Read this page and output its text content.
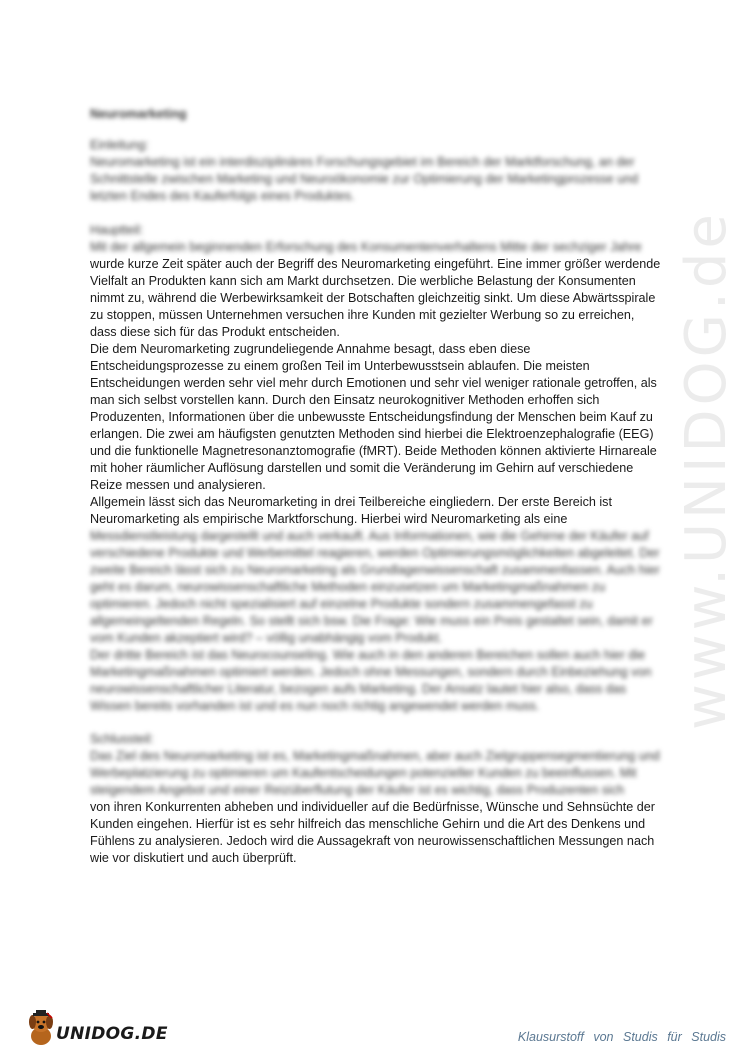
www.UNIDOG.de

Neuromarketing

Einleitung:

Neuromarketing ist ein interdisziplinäres Forschungsgebiet im Bereich der Marktforschung, an der Schnittstelle zwischen Marketing und Neuroökonomie zur Optimierung der Marketingprozesse und letzten Endes des Kauferfolgs eines Produktes.

Hauptteil:

Mit der allgemein beginnenden Erforschung des Konsumentenverhaltens Mitte der sechziger Jahre

wurde kurze Zeit später auch der Begriff des Neuromarketing eingeführt. Eine immer größer werdende Vielfalt an Produkten kann sich am Markt durchsetzen. Die werbliche Belastung der Konsumenten nimmt zu, während die Werbewirksamkeit der Botschaften gleichzeitig sinkt. Um diese Abwärtsspirale zu stoppen, müssen Unternehmen versuchen ihre Kunden mit gezielter Werbung so zu erreichen, dass diese sich für das Produkt entscheiden.

Die dem Neuromarketing zugrundeliegende Annahme besagt, dass eben diese Entscheidungsprozesse zu einem großen Teil im Unterbewusstsein ablaufen. Die meisten Entscheidungen werden sehr viel mehr durch Emotionen und sehr viel weniger rationale getroffen, als man sich selbst vorstellen kann. Durch den Einsatz neurokognitiver Methoden erhoffen sich Produzenten, Informationen über die unbewusste Entscheidungsfindung der Menschen beim Kauf zu erlangen. Die zwei am häufigsten genutzten Methoden sind hierbei die Elektroenzephalografie (EEG) und die funktionelle Magnetresonanztomografie (fMRT). Beide Methoden können aktivierte Hirnareale mit hoher räumlicher Auflösung darstellen und somit die Veränderung im Gehirn auf verschiedene Reize messen und analysieren.

Allgemein lässt sich das Neuromarketing in drei Teilbereiche eingliedern. Der erste Bereich ist Neuromarketing als empirische Marktforschung. Hierbei wird Neuromarketing als eine

Messdienstleistung dargestellt und auch verkauft. Aus Informationen, wie die Gehirne der Käufer auf verschiedene Produkte und Werbemittel reagieren, werden Optimierungsmöglichkeiten abgeleitet. Der zweite Bereich lässt sich zu Neuromarketing als Grundlagenwissenschaft zusammenfassen. Auch hier geht es darum, neurowissenschaftliche Methoden einzusetzen um Marketingmaßnahmen zu optimieren. Jedoch nicht spezialisiert auf einzelne Produkte sondern zusammengefasst zu allgemeingeltenden Regeln. So stellt sich bsw. Die Frage: Wie muss ein Preis gestaltet sein, damit er vom Kunden akzeptiert wird? – völlig unabhängig vom Produkt.

Der dritte Bereich ist das Neurocounseling. Wie auch in den anderen Bereichen sollen auch hier die Marketingmaßnahmen optimiert werden. Jedoch ohne Messungen, sondern durch Einbeziehung von neurowissenschaftlicher Literatur, bezogen aufs Marketing. Der Ansatz lautet hier also, dass das Wissen bereits vorhanden ist und es nun noch richtig angewendet werden muss.

Schlussteil:

Das Ziel des Neuromarketing ist es, Marketingmaßnahmen, aber auch Zielgruppensegmentierung und Werbeplatzierung zu optimieren um Kaufentscheidungen potenzieller Kunden zu beeinflussen. Mit steigendem Angebot und einer Reizüberflutung der Käufer ist es wichtig, dass Produzenten sich

von ihren Konkurrenten abheben und individueller auf die Bedürfnisse, Wünsche und Sehnsüchte der Kunden eingehen. Hierfür ist es sehr hilfreich das menschliche Gehirn und die Art des Denkens und Fühlens zu analysieren. Jedoch wird die Aussagekraft von neurowissenschaftlichen Messungen nach wie vor diskutiert und auch überprüft.

UNIDOG.DE	Klausurstoff von Studis für Studis
